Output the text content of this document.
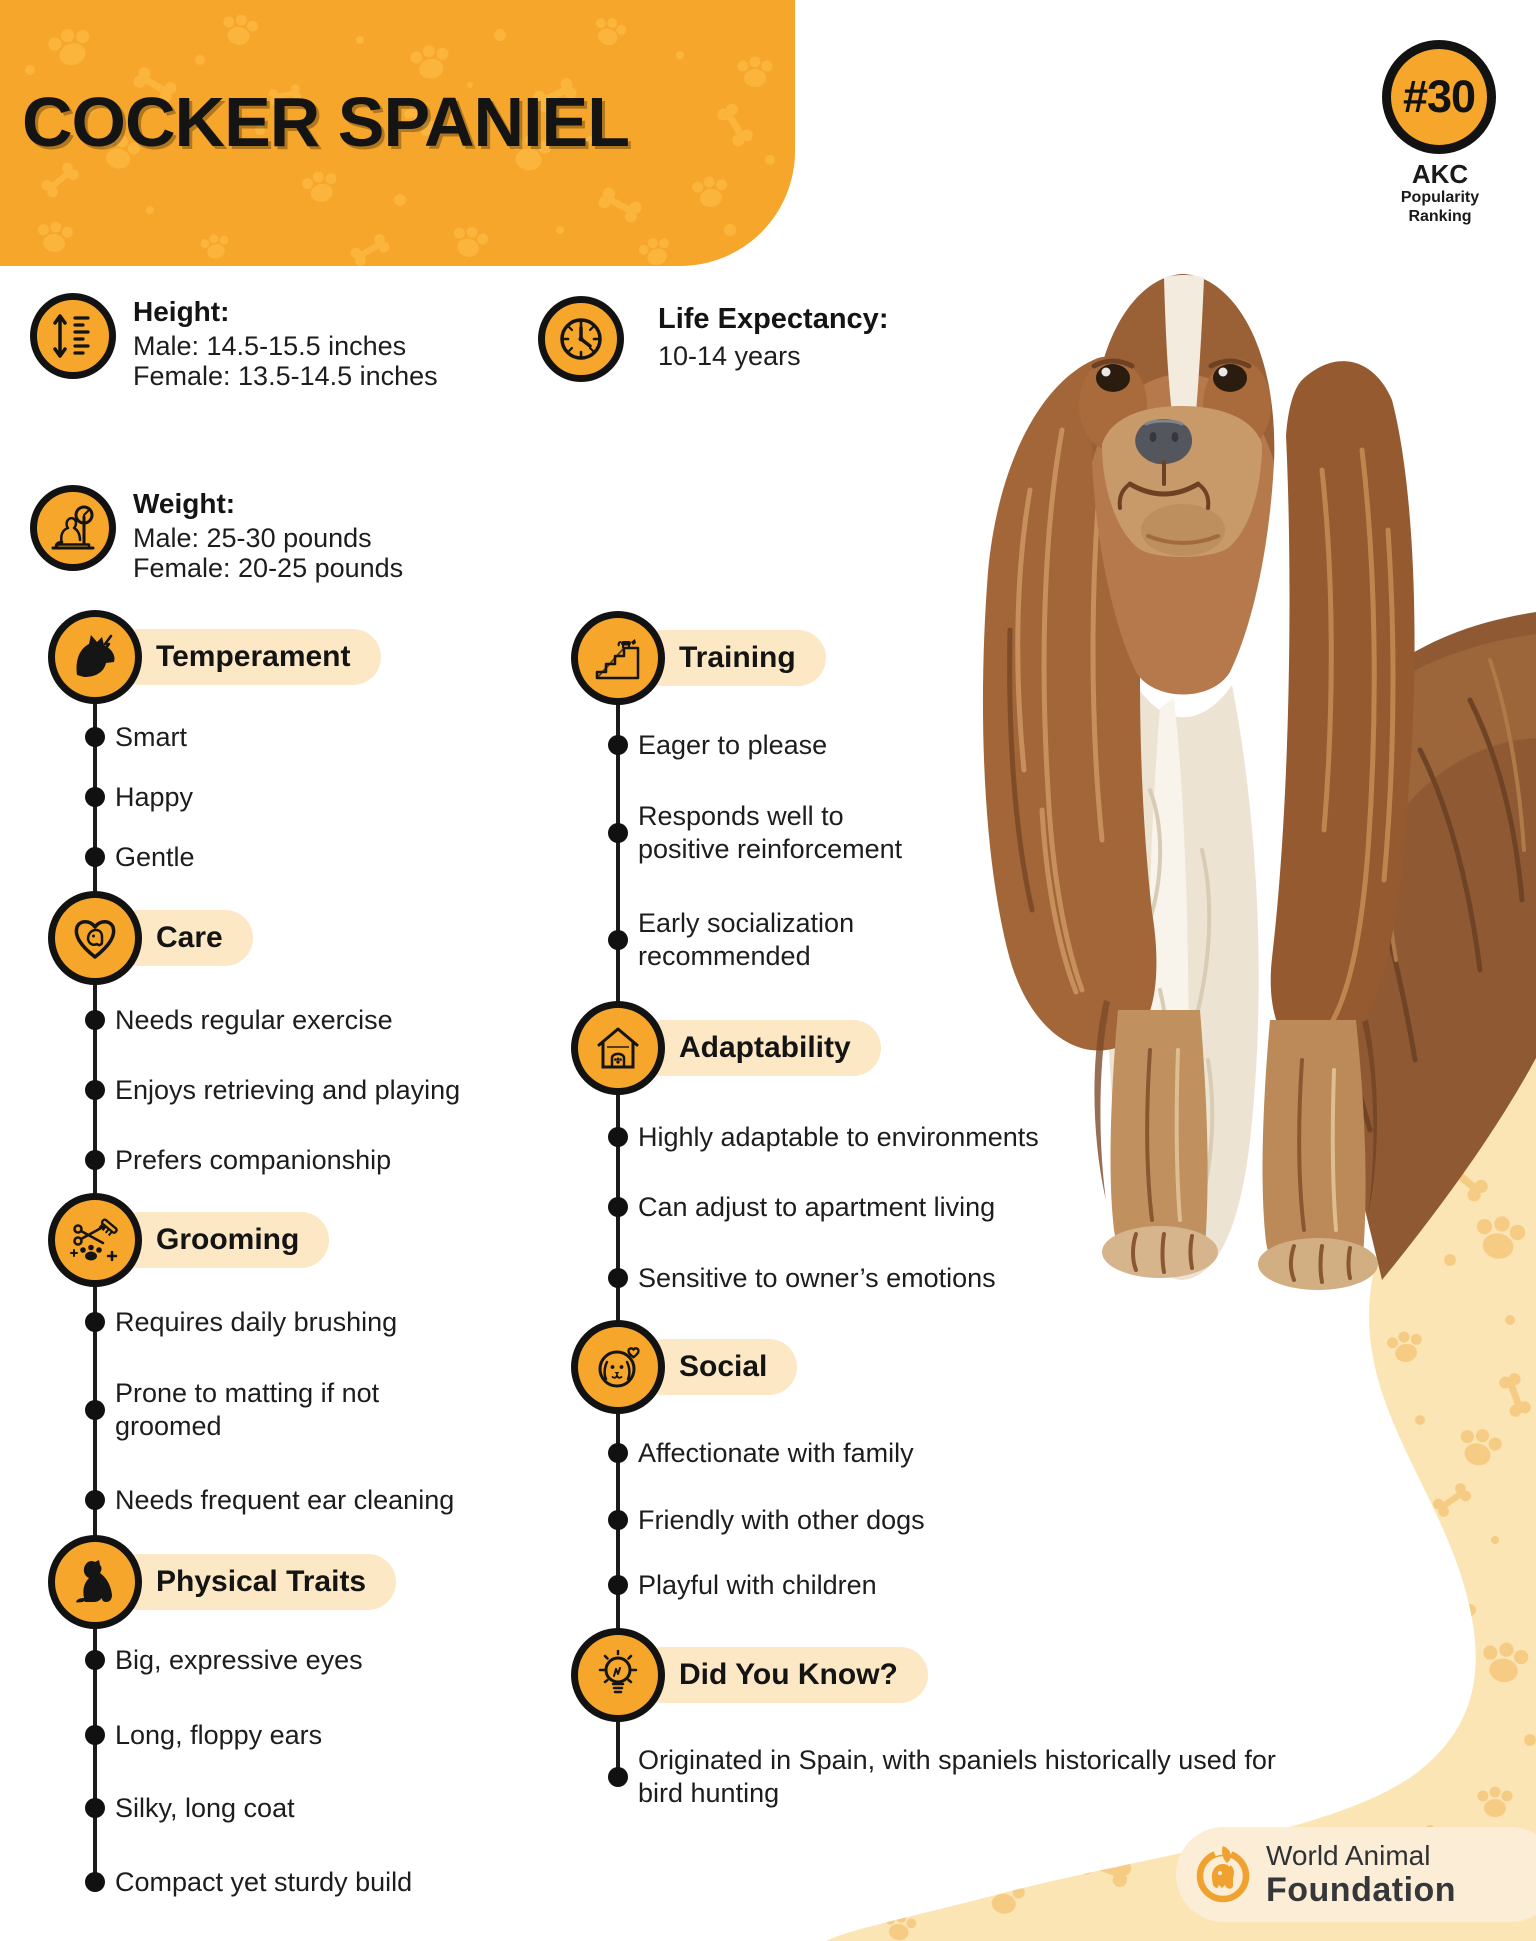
COCKER SPANIEL	#30
AKC
Popularity
Ranking
Height:
Male: 14.5-15.5 inches
Female: 13.5-14.5 inches
Life Expectancy:
10-14 years
Weight:
Male: 25-30 pounds
Female: 20-25 pounds
Temperament
Smart
Happy
Gentle
Care
Needs regular exercise
Enjoys retrieving and playing
Prefers companionship
Grooming
Requires daily brushing
Prone to matting if not groomed
Needs frequent ear cleaning
Physical Traits
Big, expressive eyes
Long, floppy ears
Silky, long coat
Compact yet sturdy build
Training
Eager to please
Responds well to positive reinforcement
Early socialization recommended
Adaptability
Highly adaptable to environments
Can adjust to apartment living
Sensitive to owner’s emotions
Social
Affectionate with family
Friendly with other dogs
Playful with children
Did You Know?
Originated in Spain, with spaniels historically used for bird hunting
World Animal
Foundation
